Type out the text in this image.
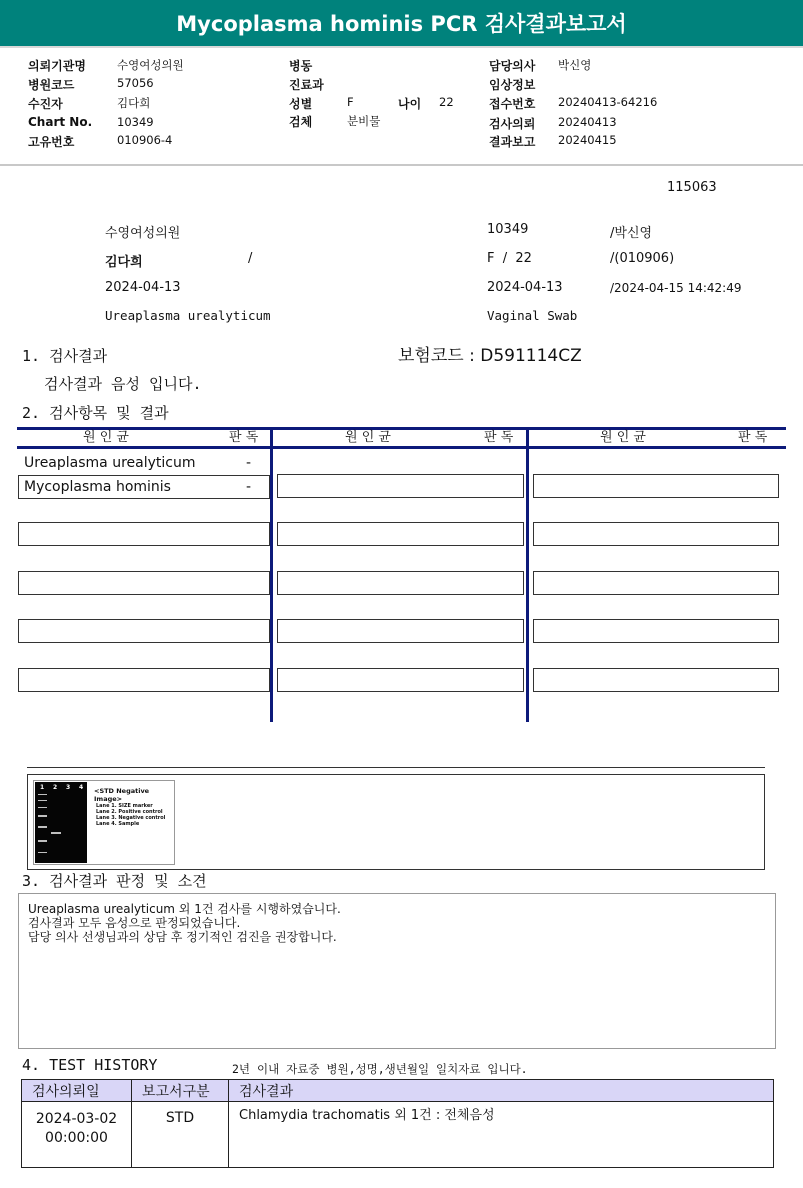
Mycoplasma hominis PCR 검사결과보고서
의뢰기관명	수영여성의원
병원코드	57056
수진자	김다희
Chart No. 10349
고유번호	010906-4
병동
진료과
성별	F	나이 22
검체	분비물
담당의사 박신영
임상정보
접수번호 20240413-64216
검사의뢰 20240413
결과보고 20240415
115063
수영여성의원	10349	/박신영
김다희	/	F  /  22	/(010906)
2024-04-13	2024-04-13	/2024-04-15 14:42:49
Ureaplasma urealyticum	Vaginal Swab
1. 검사결과	보험코드 : D591114CZ
검사결과 음성 입니다.
2. 검사항목 및 결과
원 인 균	판 독	원 인 균	판 독	원 인 균	판 독
Ureaplasma urealyticum	-
Mycoplasma hominis	-
1 2 3 4 <STD Negative Image>
Lane 1. SIZE marker
Lane 2. Positive control
Lane 3. Negative control
Lane 4. Sample
3. 검사결과 판정 및 소견
Ureaplasma urealyticum 외 1건 검사를 시행하였습니다.
검사결과 모두 음성으로 판정되었습니다.
담당 의사 선생님과의 상담 후 정기적인 검진을 권장합니다.
4. TEST HISTORY	2년 이내 자료중 병원,성명,생년월일 일치자료 입니다.
검사의뢰일	보고서구분	검사결과

2024-03-02
00:00:00	STD	Chlamydia trachomatis 외 1건 : 전체음성
